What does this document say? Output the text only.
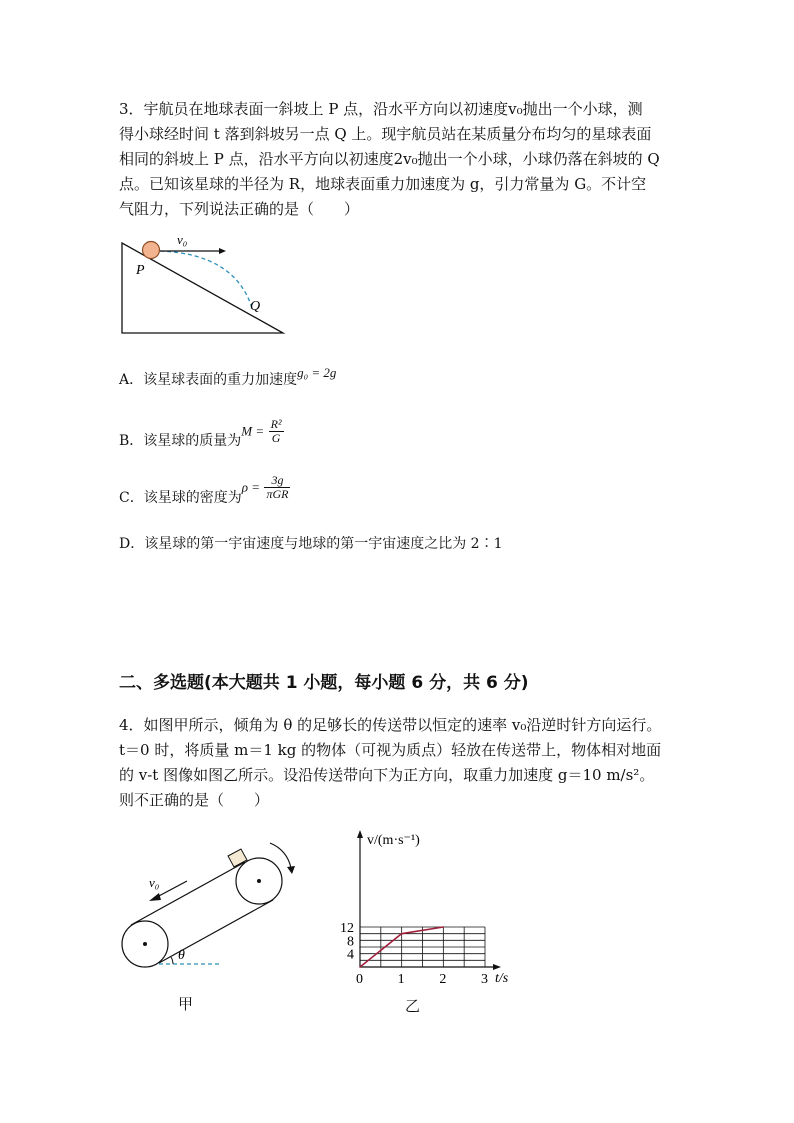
3．宇航员在地球表面一斜坡上 P 点，沿水平方向以初速度v₀抛出一个小球，测
得小球经时间 t 落到斜坡另一点 Q 上。现宇航员站在某质量分布均匀的星球表面
相同的斜坡上 P 点，沿水平方向以初速度2v₀抛出一个小球，小球仍落在斜坡的 Q
点。已知该星球的半径为 R，地球表面重力加速度为 g，引力常量为 G。不计空
气阻力，下列说法正确的是（　　）
v₀
P
Q
A．该星球表面的重力加速度g₀ = 2g
B．该星球的质量为$M = \frac{\text{R²}}{G}$
C．该星球的密度为$\rho = \frac{3g}{\text{πGR}}$
D．该星球的第一宇宙速度与地球的第一宇宙速度之比为 2∶1
二、多选题(本大题共 1 小题，每小题 6 分，共 6 分)
4．如图甲所示，倾角为 θ 的足够长的传送带以恒定的速率 v₀沿逆时针方向运行。
t＝0 时，将质量 m＝1 kg 的物体（可视为质点）轻放在传送带上，物体相对地面
的 v-t 图像如图乙所示。设沿传送带向下为正方向，取重力加速度 g＝10 m/s²。
则不正确的是（　　）
v₀
θ
甲
0 1 2 3
4
8
12
v/(m·s⁻¹)
t/s
乙
